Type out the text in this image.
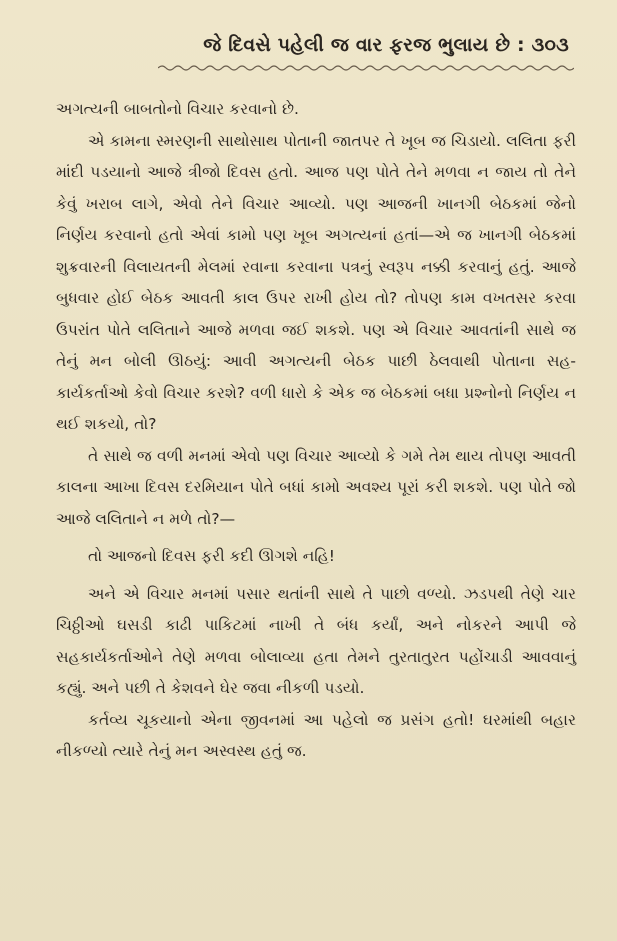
જે દિવસે પહેલી જ વાર ફરજ ભુલાય છે : ૩૦૩

અગત્યની બાબતોનો વિચાર કરવાનો છે.

એ કામના સ્મરણની સાથોસાથ પોતાની જાતપર તે ખૂબ જ ચિડાયો. લલિતા ફરી માંદી પડયાનો આજે ત્રીજો દિવસ હતો. આજ પણ પોતે તેને મળવા ન જાય તો તેને કેવું ખરાબ લાગે, એવો તેને વિચાર આવ્યો. પણ આજની ખાનગી બેઠકમાં જેનો નિર્ણય કરવાનો હતો એવાં કામો પણ ખૂબ અગત્યનાં હતાં—એ જ ખાનગી બેઠકમાં શુક્રવારની વિલાયતની મેલમાં રવાના કરવાના પત્રનું સ્વરૂપ નક્કી કરવાનું હતું. આજે બુધવાર હોઈ બેઠક આવતી કાલ ઉપર રાખી હોય તો? તોપણ કામ વખતસર કરવા ઉપરાંત પોતે લલિતાને આજે મળવા જઈ શકશે. પણ એ વિચાર આવતાંની સાથે જ તેનું મન બોલી ઊઠયું: આવી અગત્યની બેઠક પાછી ઠેલવાથી પોતાના સહ-કાર્યકર્તાઓ કેવો વિચાર કરશે? વળી ધારો કે એક જ બેઠકમાં બધા પ્રશ્નોનો નિર્ણય ન થઈ શકયો, તો?

તે સાથે જ વળી મનમાં એવો પણ વિચાર આવ્યો કે ગમે તેમ થાય તોપણ આવતી કાલના આખા દિવસ દરમિયાન પોતે બધાં કામો અવશ્ય પૂરાં કરી શકશે. પણ પોતે જો આજે લલિતાને ન મળે તો?—

તો આજનો દિવસ ફરી કદી ઊગશે નહિ!

અને એ વિચાર મનમાં પસાર થતાંની સાથે તે પાછો વળ્યો. ઝડપથી તેણે ચાર ચિઠ્ઠીઓ ઘસડી કાઢી પાકિટમાં નાખી તે બંધ કર્યાં, અને નોકરને આપી જે સહકાર્યકર્તાઓને તેણે મળવા બોલાવ્યા હતા તેમને તુરતાતુરત પહોંચાડી આવવાનું કહ્યું. અને પછી તે કેશવને ઘેર જવા નીકળી પડયો.

કર્તવ્ય ચૂકયાનો એના જીવનમાં આ પહેલો જ પ્રસંગ હતો! ઘરમાંથી બહાર નીકળ્યો ત્યારે તેનું મન અસ્વસ્થ હતું જ.
